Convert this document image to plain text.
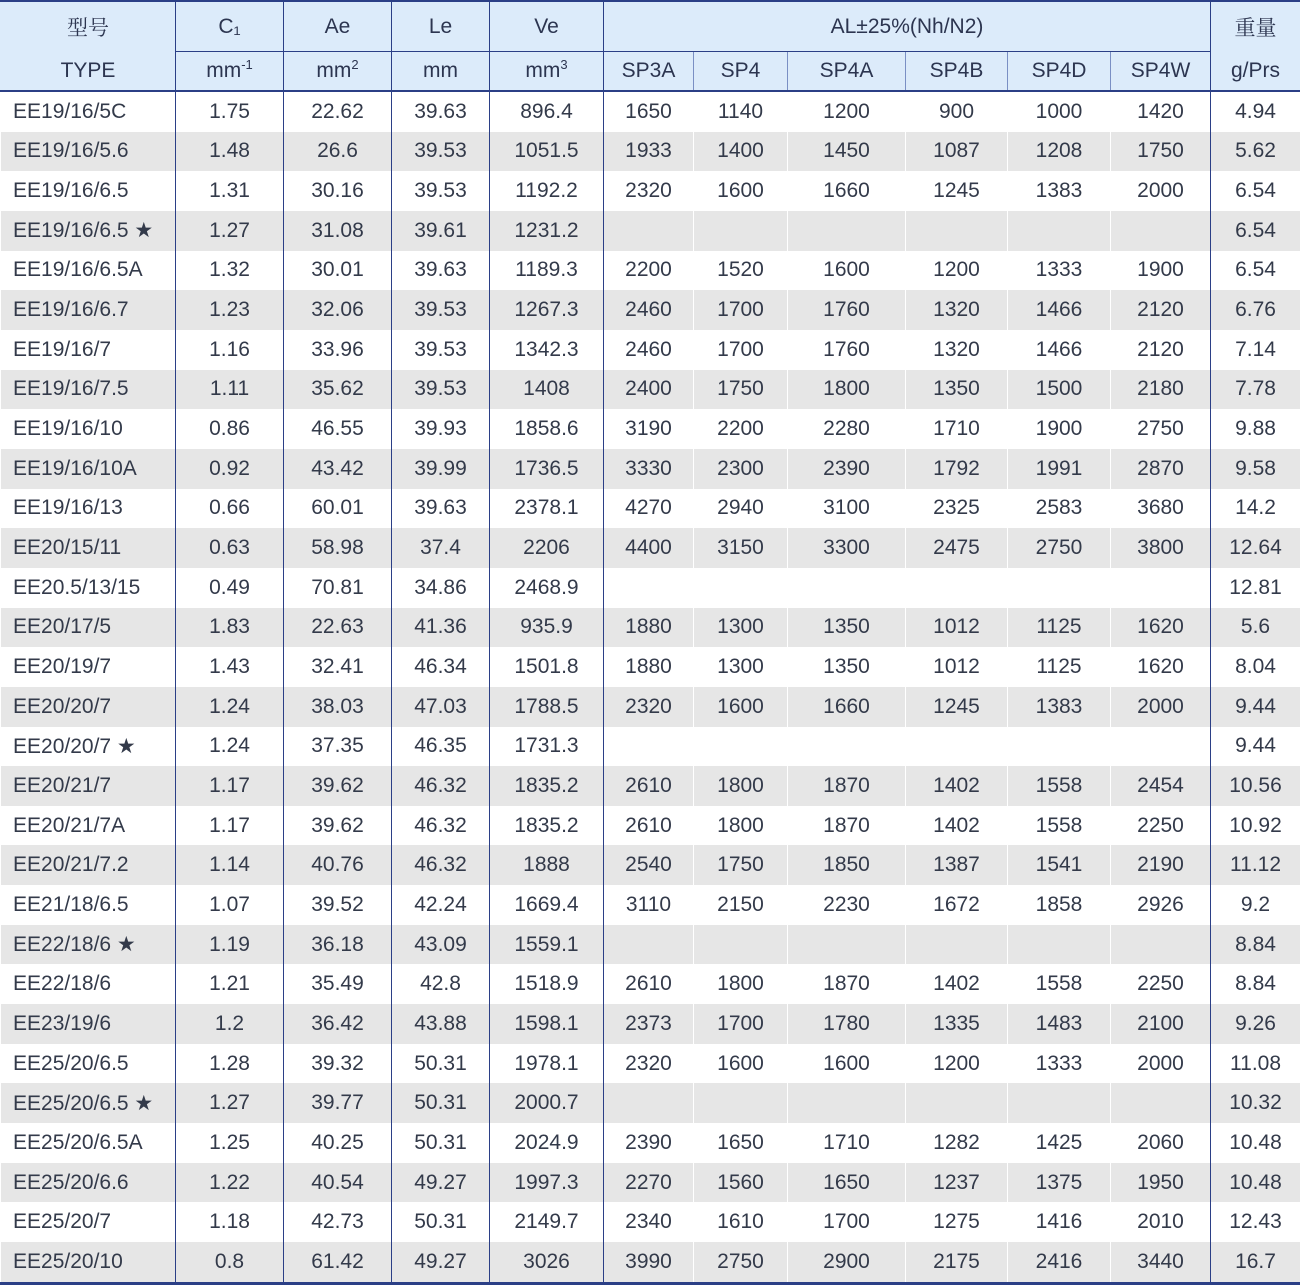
型号	C₁	Ae	Le	Ve	AL±25%(Nh/N2)						重量
TYPE	$mm^{-1}$	$mm^2$	mm	$mm^3$	SP3A	SP4	SP4A	SP4B	SP4D	SP4W	g/Prs
EE19/16/5C	1.75	22.62	39.63	896.4	1650	1140	1200	900	1000	1420	4.94
EE19/16/5.6	1.48	26.6	39.53	1051.5	1933	1400	1450	1087	1208	1750	5.62
EE19/16/6.5	1.31	30.16	39.53	1192.2	2320	1600	1660	1245	1383	2000	6.54
EE19/16/6.5 ★	1.27	31.08	39.61	1231.2							6.54
EE19/16/6.5A	1.32	30.01	39.63	1189.3	2200	1520	1600	1200	1333	1900	6.54
EE19/16/6.7	1.23	32.06	39.53	1267.3	2460	1700	1760	1320	1466	2120	6.76
EE19/16/7	1.16	33.96	39.53	1342.3	2460	1700	1760	1320	1466	2120	7.14
EE19/16/7.5	1.11	35.62	39.53	1408	2400	1750	1800	1350	1500	2180	7.78
EE19/16/10	0.86	46.55	39.93	1858.6	3190	2200	2280	1710	1900	2750	9.88
EE19/16/10A	0.92	43.42	39.99	1736.5	3330	2300	2390	1792	1991	2870	9.58
EE19/16/13	0.66	60.01	39.63	2378.1	4270	2940	3100	2325	2583	3680	14.2
EE20/15/11	0.63	58.98	37.4	2206	4400	3150	3300	2475	2750	3800	12.64
EE20.5/13/15	0.49	70.81	34.86	2468.9							12.81
EE20/17/5	1.83	22.63	41.36	935.9	1880	1300	1350	1012	1125	1620	5.6
EE20/19/7	1.43	32.41	46.34	1501.8	1880	1300	1350	1012	1125	1620	8.04
EE20/20/7	1.24	38.03	47.03	1788.5	2320	1600	1660	1245	1383	2000	9.44
EE20/20/7 ★	1.24	37.35	46.35	1731.3							9.44
EE20/21/7	1.17	39.62	46.32	1835.2	2610	1800	1870	1402	1558	2454	10.56
EE20/21/7A	1.17	39.62	46.32	1835.2	2610	1800	1870	1402	1558	2250	10.92
EE20/21/7.2	1.14	40.76	46.32	1888	2540	1750	1850	1387	1541	2190	11.12
EE21/18/6.5	1.07	39.52	42.24	1669.4	3110	2150	2230	1672	1858	2926	9.2
EE22/18/6 ★	1.19	36.18	43.09	1559.1							8.84
EE22/18/6	1.21	35.49	42.8	1518.9	2610	1800	1870	1402	1558	2250	8.84
EE23/19/6	1.2	36.42	43.88	1598.1	2373	1700	1780	1335	1483	2100	9.26
EE25/20/6.5	1.28	39.32	50.31	1978.1	2320	1600	1600	1200	1333	2000	11.08
EE25/20/6.5 ★	1.27	39.77	50.31	2000.7							10.32
EE25/20/6.5A	1.25	40.25	50.31	2024.9	2390	1650	1710	1282	1425	2060	10.48
EE25/20/6.6	1.22	40.54	49.27	1997.3	2270	1560	1650	1237	1375	1950	10.48
EE25/20/7	1.18	42.73	50.31	2149.7	2340	1610	1700	1275	1416	2010	12.43
EE25/20/10	0.8	61.42	49.27	3026	3990	2750	2900	2175	2416	3440	16.7
